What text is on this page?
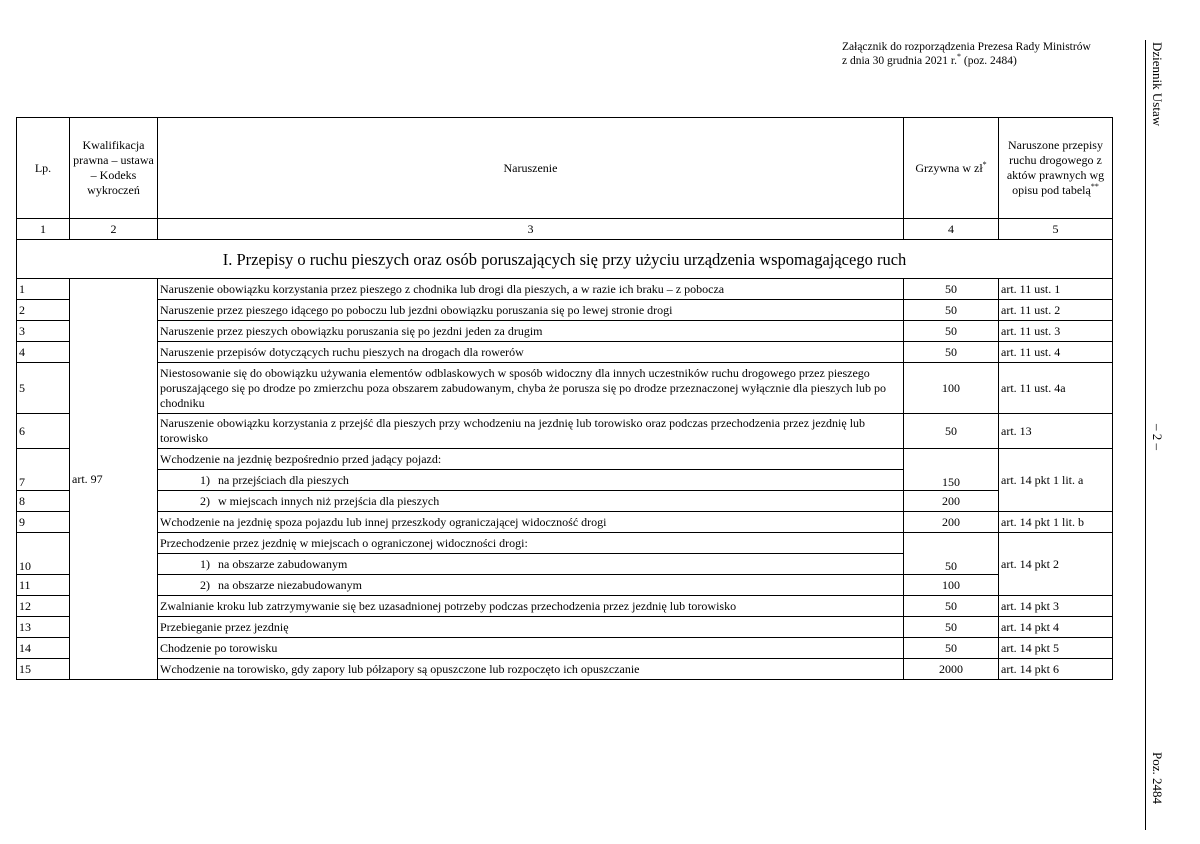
Załącznik do rozporządzenia Prezesa Rady Ministrów
z dnia 30 grudnia 2021 r.* (poz. 2484)	Dziennik Ustaw
– 2 –
Poz. 2484
Lp.	Kwalifikacja prawna – ustawa – Kodeks wykroczeń	Naruszenie	Grzywna w zł*	Naruszone przepisy ruchu drogowego z aktów prawnych wg opisu pod tabelą**
1	2	3	4	5
I. Przepisy o ruchu pieszych oraz osób poruszających się przy użyciu urządzenia wspomagającego ruch				
1	art. 97	Naruszenie obowiązku korzystania przez pieszego z chodnika lub drogi dla pieszych, a w razie ich braku – z pobocza	50	art. 11 ust. 1
2		Naruszenie przez pieszego idącego po poboczu lub jezdni obowiązku poruszania się po lewej stronie drogi	50	art. 11 ust. 2
3		Naruszenie przez pieszych obowiązku poruszania się po jezdni jeden za drugim	50	art. 11 ust. 3
4		Naruszenie przepisów dotyczących ruchu pieszych na drogach dla rowerów	50	art. 11 ust. 4
5		Niestosowanie się do obowiązku używania elementów odblaskowych w sposób widoczny dla innych uczestników ruchu drogowego przez pieszego poruszającego się po drodze po zmierzchu poza obszarem zabudowanym, chyba że porusza się po drodze przeznaczonej wyłącznie dla pieszych lub po chodniku	100	art. 11 ust. 4a
6		Naruszenie obowiązku korzystania z przejść dla pieszych przy wchodzeniu na jezdnię lub torowisko oraz podczas przechodzenia przez jezdnię lub torowisko	50	art. 13
7		Wchodzenie na jezdnię bezpośrednio przed jadący pojazd:	150	art. 14 pkt 1 lit. a
		1) na przejściach dla pieszych		
8		2) w miejscach innych niż przejścia dla pieszych	200	
9		Wchodzenie na jezdnię spoza pojazdu lub innej przeszkody ograniczającej widoczność drogi	200	art. 14 pkt 1 lit. b
10		Przechodzenie przez jezdnię w miejscach o ograniczonej widoczności drogi:	50	art. 14 pkt 2
		1) na obszarze zabudowanym		
11		2) na obszarze niezabudowanym	100	
12		Zwalnianie kroku lub zatrzymywanie się bez uzasadnionej potrzeby podczas przechodzenia przez jezdnię lub torowisko	50	art. 14 pkt 3
13		Przebieganie przez jezdnię	50	art. 14 pkt 4
14		Chodzenie po torowisku	50	art. 14 pkt 5
15		Wchodzenie na torowisko, gdy zapory lub półzapory są opuszczone lub rozpoczęto ich opuszczanie	2000	art. 14 pkt 6
